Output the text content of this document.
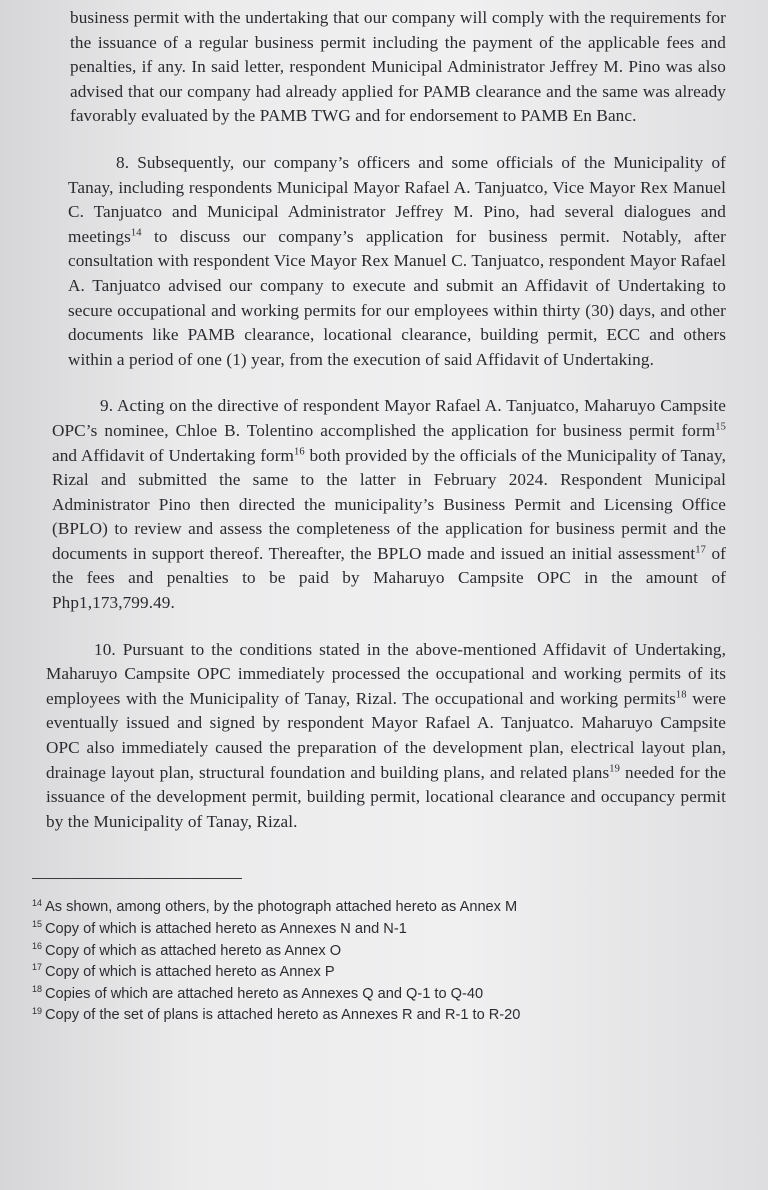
business permit with the undertaking that our company will comply with the requirements for the issuance of a regular business permit including the payment of the applicable fees and penalties, if any. In said letter, respondent Municipal Administrator Jeffrey M. Pino was also advised that our company had already applied for PAMB clearance and the same was already favorably evaluated by the PAMB TWG and for endorsement to PAMB En Banc.

8. Subsequently, our company’s officers and some officials of the Municipality of Tanay, including respondents Municipal Mayor Rafael A. Tanjuatco, Vice Mayor Rex Manuel C. Tanjuatco and Municipal Administrator Jeffrey M. Pino, had several dialogues and meetings$^{14}$ to discuss our company’s application for business permit. Notably, after consultation with respondent Vice Mayor Rex Manuel C. Tanjuatco, respondent Mayor Rafael A. Tanjuatco advised our company to execute and submit an Affidavit of Undertaking to secure occupational and working permits for our employees within thirty (30) days, and other documents like PAMB clearance, locational clearance, building permit, ECC and others within a period of one (1) year, from the execution of said Affidavit of Undertaking.

9. Acting on the directive of respondent Mayor Rafael A. Tanjuatco, Maharuyo Campsite OPC’s nominee, Chloe B. Tolentino accomplished the application for business permit form$^{15}$ and Affidavit of Undertaking form$^{16}$ both provided by the officials of the Municipality of Tanay, Rizal and submitted the same to the latter in February 2024. Respondent Municipal Administrator Pino then directed the municipality’s Business Permit and Licensing Office (BPLO) to review and assess the completeness of the application for business permit and the documents in support thereof. Thereafter, the BPLO made and issued an initial assessment$^{17}$ of the fees and penalties to be paid by Maharuyo Campsite OPC in the amount of Php1,173,799.49.

10. Pursuant to the conditions stated in the above-mentioned Affidavit of Undertaking, Maharuyo Campsite OPC immediately processed the occupational and working permits of its employees with the Municipality of Tanay, Rizal. The occupational and working permits$^{18}$ were eventually issued and signed by respondent Mayor Rafael A. Tanjuatco. Maharuyo Campsite OPC also immediately caused the preparation of the development plan, electrical layout plan, drainage layout plan, structural foundation and building plans, and related plans$^{19}$ needed for the issuance of the development permit, building permit, locational clearance and occupancy permit by the Municipality of Tanay, Rizal.

$^{14}$ As shown, among others, by the photograph attached hereto as Annex M

$^{15}$ Copy of which is attached hereto as Annexes N and N-1

$^{16}$ Copy of which as attached hereto as Annex O

$^{17}$ Copy of which is attached hereto as Annex P

$^{18}$ Copies of which are attached hereto as Annexes Q and Q-1 to Q-40

$^{19}$ Copy of the set of plans is attached hereto as Annexes R and R-1 to R-20
